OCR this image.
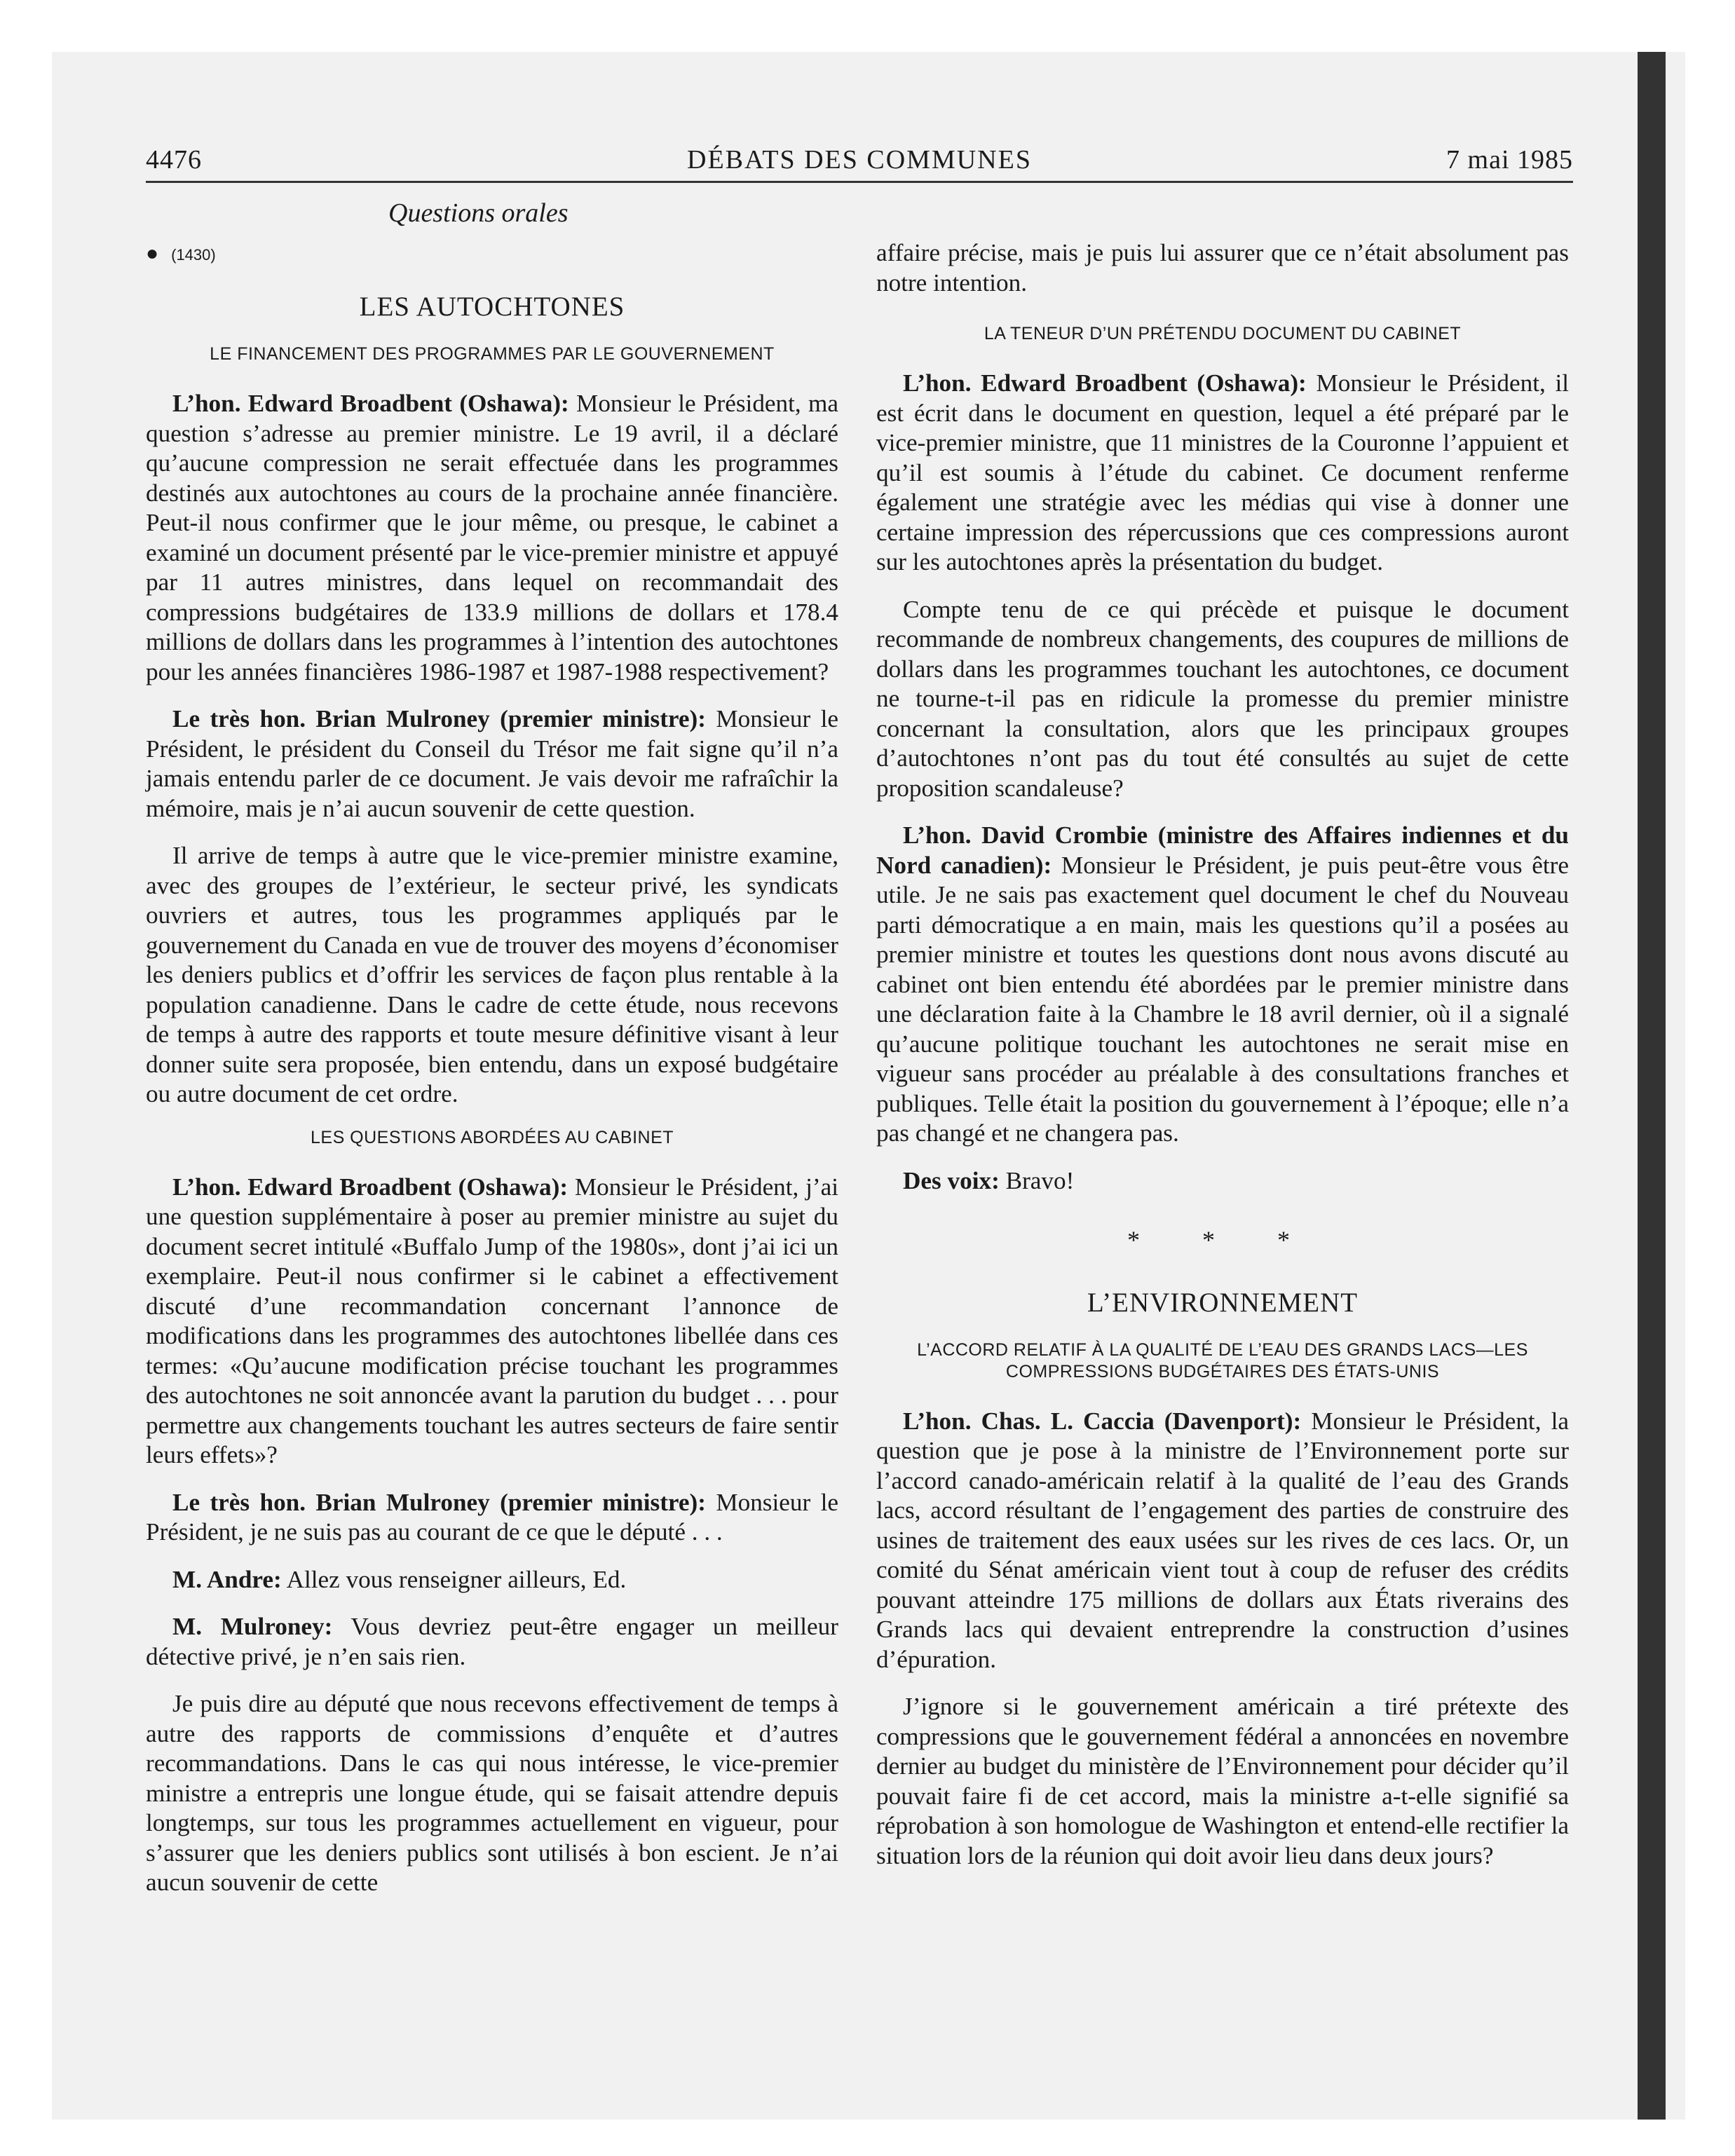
4476	DÉBATS DES COMMUNES	7 mai 1985
Questions orales
● (1430)
LES AUTOCHTONES
LE FINANCEMENT DES PROGRAMMES PAR LE GOUVERNEMENT

L’hon. Edward Broadbent (Oshawa): Monsieur le Président, ma question s’adresse au premier ministre. Le 19 avril, il a déclaré qu’aucune compression ne serait effectuée dans les programmes destinés aux autochtones au cours de la prochaine année financière. Peut-il nous confirmer que le jour même, ou presque, le cabinet a examiné un document présenté par le vice-premier ministre et appuyé par 11 autres ministres, dans lequel on recommandait des compressions budgétaires de 133.9 millions de dollars et 178.4 millions de dollars dans les programmes à l’intention des autochtones pour les années financières 1986-1987 et 1987-1988 respectivement?

Le très hon. Brian Mulroney (premier ministre): Monsieur le Président, le président du Conseil du Trésor me fait signe qu’il n’a jamais entendu parler de ce document. Je vais devoir me rafraîchir la mémoire, mais je n’ai aucun souvenir de cette question.

Il arrive de temps à autre que le vice-premier ministre examine, avec des groupes de l’extérieur, le secteur privé, les syndicats ouvriers et autres, tous les programmes appliqués par le gouvernement du Canada en vue de trouver des moyens d’économiser les deniers publics et d’offrir les services de façon plus rentable à la population canadienne. Dans le cadre de cette étude, nous recevons de temps à autre des rapports et toute mesure définitive visant à leur donner suite sera proposée, bien entendu, dans un exposé budgétaire ou autre document de cet ordre.

LES QUESTIONS ABORDÉES AU CABINET

L’hon. Edward Broadbent (Oshawa): Monsieur le Président, j’ai une question supplémentaire à poser au premier ministre au sujet du document secret intitulé «Buffalo Jump of the 1980s», dont j’ai ici un exemplaire. Peut-il nous confirmer si le cabinet a effectivement discuté d’une recommandation concernant l’annonce de modifications dans les programmes des autochtones libellée dans ces termes: «Qu’aucune modification précise touchant les programmes des autochtones ne soit annoncée avant la parution du budget . . . pour permettre aux changements touchant les autres secteurs de faire sentir leurs effets»?

Le très hon. Brian Mulroney (premier ministre): Monsieur le Président, je ne suis pas au courant de ce que le député . . .

M. Andre: Allez vous renseigner ailleurs, Ed.

M. Mulroney: Vous devriez peut-être engager un meilleur détective privé, je n’en sais rien.

Je puis dire au député que nous recevons effectivement de temps à autre des rapports de commissions d’enquête et d’autres recommandations. Dans le cas qui nous intéresse, le vice-premier ministre a entrepris une longue étude, qui se faisait attendre depuis longtemps, sur tous les programmes actuellement en vigueur, pour s’assurer que les deniers publics sont utilisés à bon escient. Je n’ai aucun souvenir de cette

affaire précise, mais je puis lui assurer que ce n’était absolument pas notre intention.

LA TENEUR D’UN PRÉTENDU DOCUMENT DU CABINET

L’hon. Edward Broadbent (Oshawa): Monsieur le Président, il est écrit dans le document en question, lequel a été préparé par le vice-premier ministre, que 11 ministres de la Couronne l’appuient et qu’il est soumis à l’étude du cabinet. Ce document renferme également une stratégie avec les médias qui vise à donner une certaine impression des répercussions que ces compressions auront sur les autochtones après la présentation du budget.

Compte tenu de ce qui précède et puisque le document recommande de nombreux changements, des coupures de millions de dollars dans les programmes touchant les autochtones, ce document ne tourne-t-il pas en ridicule la promesse du premier ministre concernant la consultation, alors que les principaux groupes d’autochtones n’ont pas du tout été consultés au sujet de cette proposition scandaleuse?

L’hon. David Crombie (ministre des Affaires indiennes et du Nord canadien): Monsieur le Président, je puis peut-être vous être utile. Je ne sais pas exactement quel document le chef du Nouveau parti démocratique a en main, mais les questions qu’il a posées au premier ministre et toutes les questions dont nous avons discuté au cabinet ont bien entendu été abordées par le premier ministre dans une déclaration faite à la Chambre le 18 avril dernier, où il a signalé qu’aucune politique touchant les autochtones ne serait mise en vigueur sans procéder au préalable à des consultations franches et publiques. Telle était la position du gouvernement à l’époque; elle n’a pas changé et ne changera pas.

Des voix: Bravo!

* * *
L’ENVIRONNEMENT
L’ACCORD RELATIF À LA QUALITÉ DE L’EAU DES GRANDS LACS—LES COMPRESSIONS BUDGÉTAIRES DES ÉTATS-UNIS

L’hon. Chas. L. Caccia (Davenport): Monsieur le Président, la question que je pose à la ministre de l’Environnement porte sur l’accord canado-américain relatif à la qualité de l’eau des Grands lacs, accord résultant de l’engagement des parties de construire des usines de traitement des eaux usées sur les rives de ces lacs. Or, un comité du Sénat américain vient tout à coup de refuser des crédits pouvant atteindre 175 millions de dollars aux États riverains des Grands lacs qui devaient entreprendre la construction d’usines d’épuration.

J’ignore si le gouvernement américain a tiré prétexte des compressions que le gouvernement fédéral a annoncées en novembre dernier au budget du ministère de l’Environnement pour décider qu’il pouvait faire fi de cet accord, mais la ministre a-t-elle signifié sa réprobation à son homologue de Washington et entend-elle rectifier la situation lors de la réunion qui doit avoir lieu dans deux jours?
